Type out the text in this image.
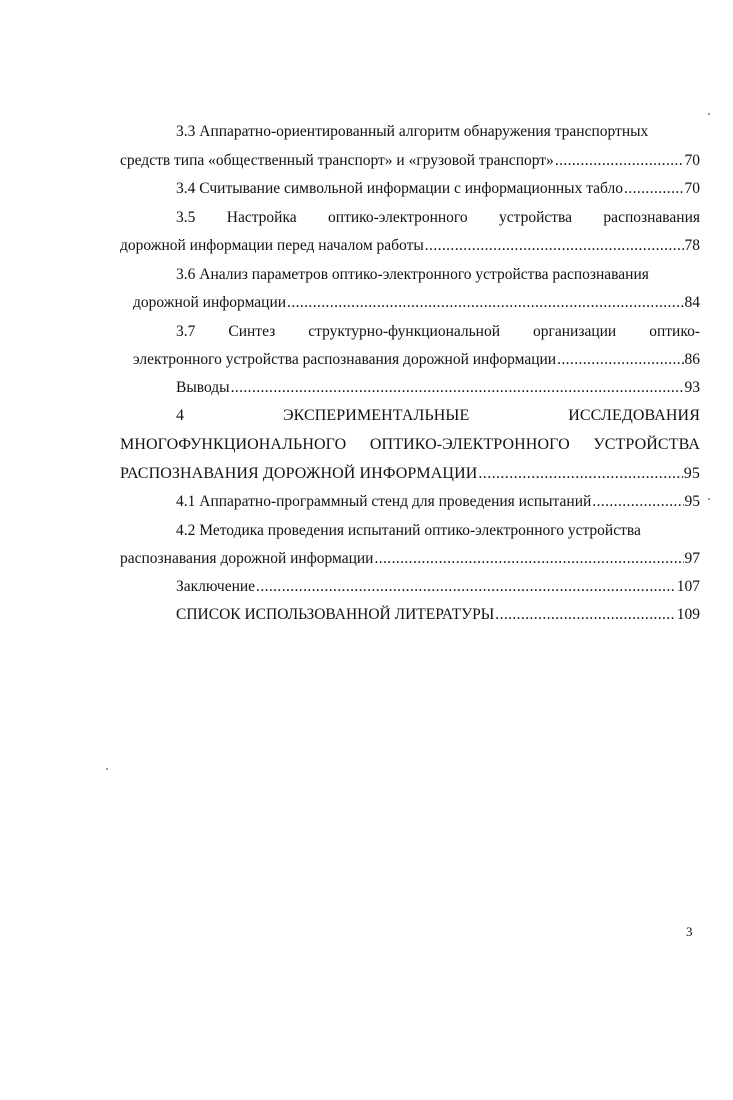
3.3 Аппаратно-ориентированный алгоритм обнаружения транспортных
средств типа «общественный транспорт» и «грузовой транспорт» .....	70
3.4 Считывание символьной информации с информационных табло .....	70
3.5 Настройка оптико-электронного устройства распознавания
дорожной информации перед началом работы .....	78
3.6 Анализ параметров оптико-электронного устройства распознавания
дорожной информации .....	84
3.7 Синтез структурно-функциональной организации оптико-
электронного устройства распознавания дорожной информации .....	86
Выводы .....	93
4 ЭКСПЕРИМЕНТАЛЬНЫЕ ИССЛЕДОВАНИЯ
МНОГОФУНКЦИОНАЛЬНОГО ОПТИКО-ЭЛЕКТРОННОГО УСТРОЙСТВА
РАСПОЗНАВАНИЯ ДОРОЖНОЙ ИНФОРМАЦИИ .....	95
4.1 Аппаратно-программный стенд для проведения испытаний .....	95
4.2 Методика проведения испытаний оптико-электронного устройства
распознавания дорожной информации .....	97
Заключение .....	107
СПИСОК ИСПОЛЬЗОВАННОЙ ЛИТЕРАТУРЫ .....	109
3
